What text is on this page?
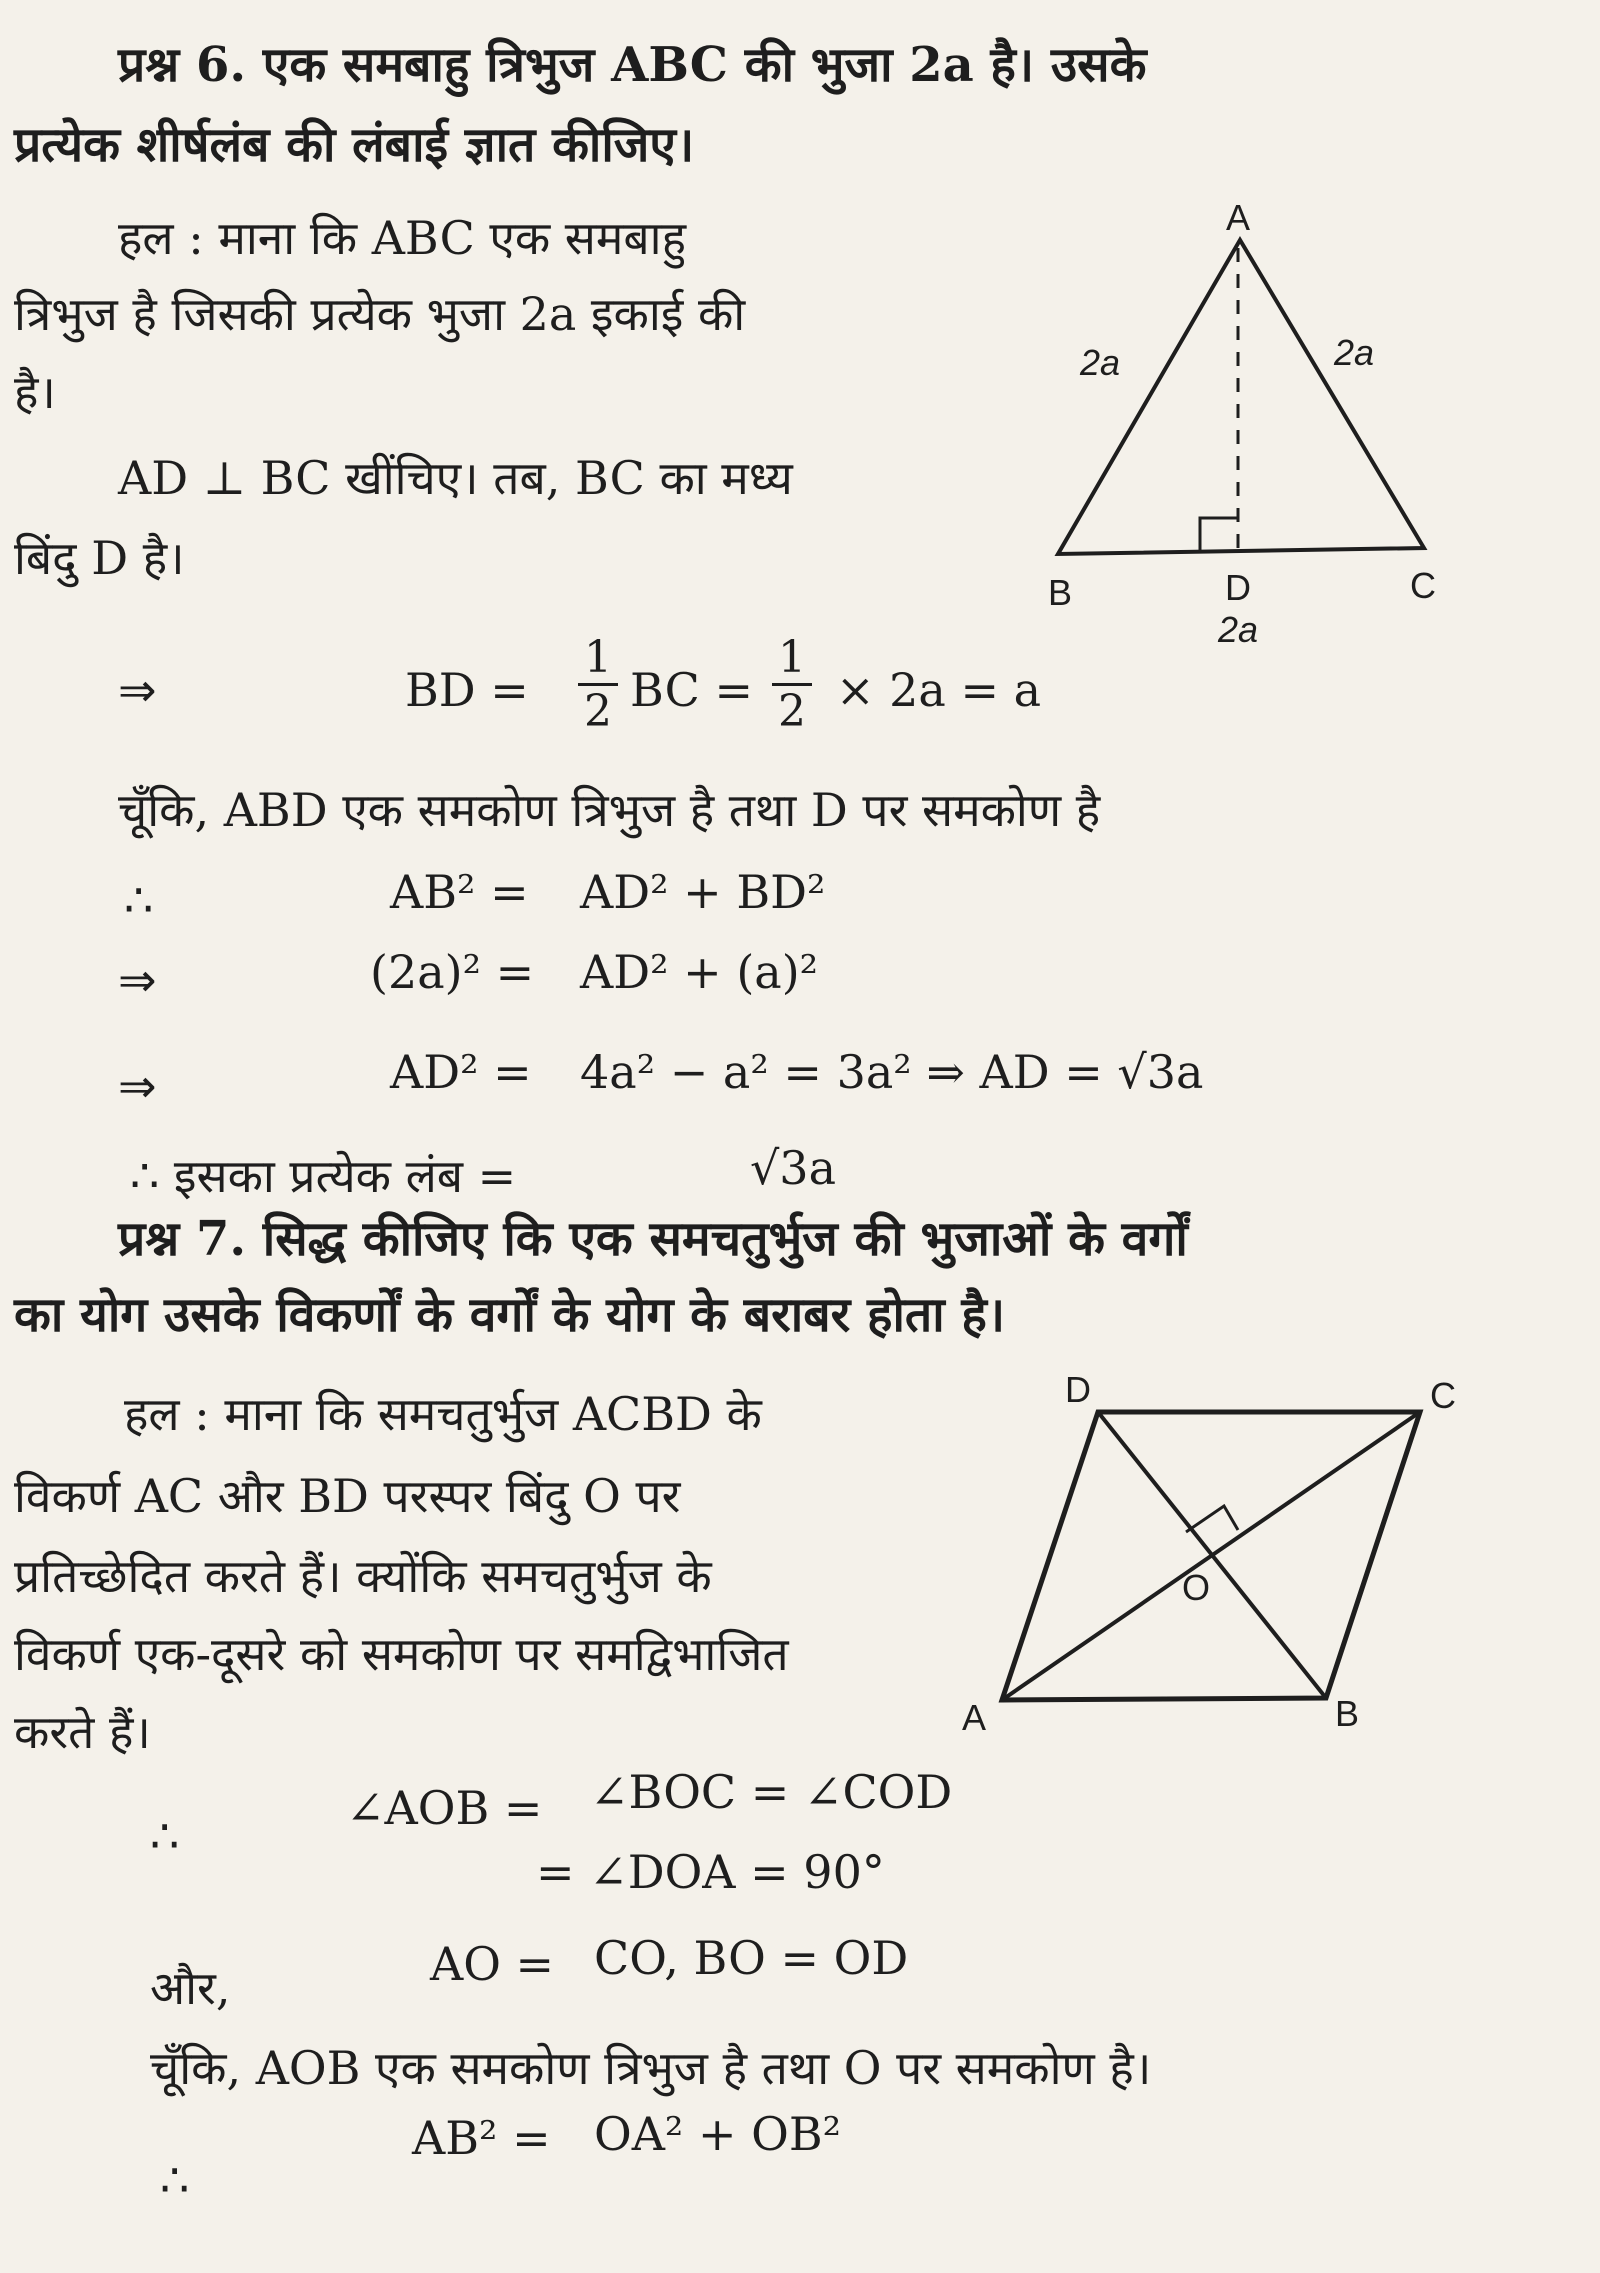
प्रश्न 6. एक समबाहु त्रिभुज ABC की भुजा 2a है। उसके
प्रत्येक शीर्षलंब की लंबाई ज्ञात कीजिए।
हल : माना कि ABC एक समबाहु
त्रिभुज है जिसकी प्रत्येक भुजा 2a इकाई की
है।
AD ⊥ BC खींचिए। तब, BC का मध्य
बिंदु D है।
A
B	C
D
2a	2a
2a
⇒	BD = $\frac{1}{2}$ BC = $\frac{1}{2} \times 2a = a$
चूँकि, ABD एक समकोण त्रिभुज है तथा D पर समकोण है
∴	AB² = AD² + BD²
⇒	(2a)² = AD² + (a)²
⇒	AD² = 4a² − a² = 3a² ⇒ AD = √3a
∴ इसका प्रत्येक लंब =	√3a
प्रश्न 7. सिद्ध कीजिए कि एक समचतुर्भुज की भुजाओं के वर्गों
का योग उसके विकर्णों के वर्गों के योग के बराबर होता है।
हल : माना कि समचतुर्भुज ACBD के
विकर्ण AC और BD परस्पर बिंदु O पर
प्रतिच्छेदित करते हैं। क्योंकि समचतुर्भुज के
विकर्ण एक-दूसरे को समकोण पर समद्विभाजित
करते हैं।	A	B
C
D
O
∴
∠AOB = ∠BOC = ∠COD
= ∠DOA = 90°
और,	AO = CO, BO = OD
चूँकि, AOB एक समकोण त्रिभुज है तथा O पर समकोण है।
∴
AB² = OA² + OB²
